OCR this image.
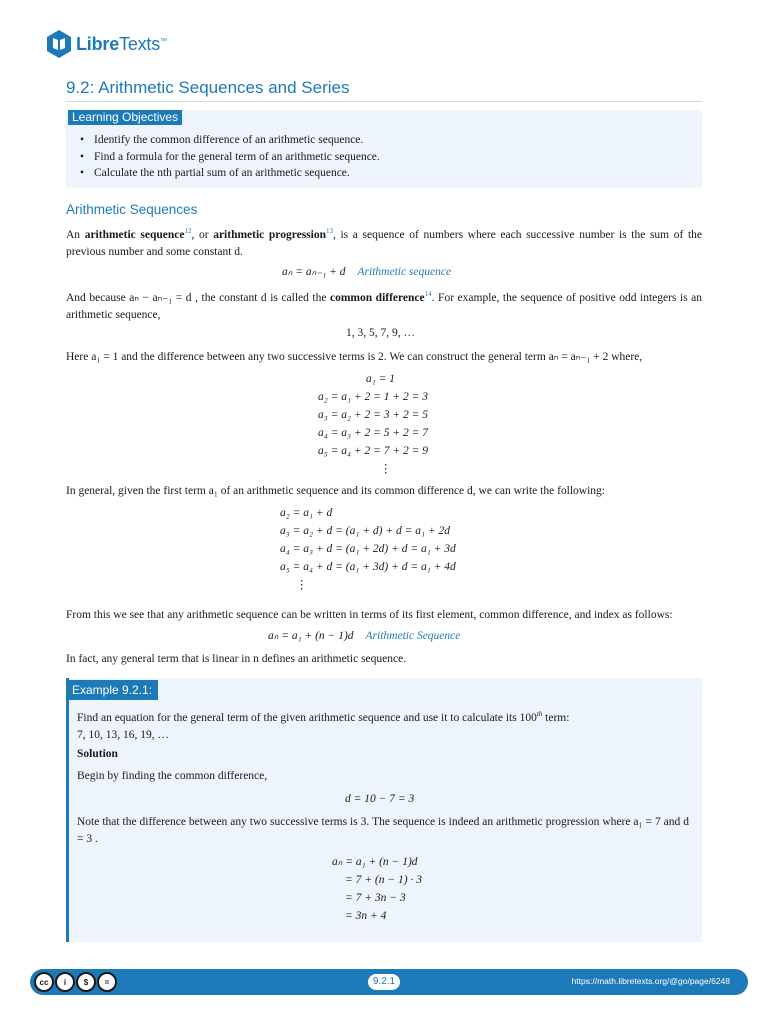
LibreTexts™
9.2: Arithmetic Sequences and Series
Learning Objectives
• Identify the common difference of an arithmetic sequence.
• Find a formula for the general term of an arithmetic sequence.
• Calculate the nth partial sum of an arithmetic sequence.
Arithmetic Sequences

An arithmetic sequence$^{12}$, or arithmetic progression$^{13}$, is a sequence of numbers where each successive number is the sum of the previous number and some constant d.

aₙ = aₙ₋₁ + d Arithmetic sequence

And because aₙ − aₙ₋₁ = d , the constant d is called the common difference$^{14}$. For example, the sequence of positive odd integers is an arithmetic sequence,

1, 3, 5, 7, 9, …

Here a₁ = 1 and the difference between any two successive terms is 2. We can construct the general term aₙ = aₙ₋₁ + 2 where,

a₁ = 1
a₂ = a₁ + 2 = 1 + 2 = 3
a₃ = a₂ + 2 = 3 + 2 = 5
a₄ = a₃ + 2 = 5 + 2 = 7
a₅ = a₄ + 2 = 7 + 2 = 9
⋮

In general, given the first term a₁ of an arithmetic sequence and its common difference d, we can write the following:

a₂ = a₁ + d
a₃ = a₂ + d = (a₁ + d) + d = a₁ + 2d
a₄ = a₃ + d = (a₁ + 2d) + d = a₁ + 3d
a₅ = a₄ + d = (a₁ + 3d) + d = a₁ + 4d
⋮

From this we see that any arithmetic sequence can be written in terms of its first element, common difference, and index as follows:

aₙ = a₁ + (n − 1)d Arithmetic Sequence

In fact, any general term that is linear in n defines an arithmetic sequence.

Example 9.2.1:

Find an equation for the general term of the given arithmetic sequence and use it to calculate its 100th term:
7, 10, 13, 16, 19, …

Solution

Begin by finding the common difference,

d = 10 − 7 = 3

Note that the difference between any two successive terms is 3. The sequence is indeed an arithmetic progression where a₁ = 7 and d = 3 .

aₙ = a₁ + (n − 1)d
= 7 + (n − 1) · 3
= 7 + 3n − 3
= 3n + 4
cc	i	$	=	9.2.1	https://math.libretexts.org/@go/page/6248
